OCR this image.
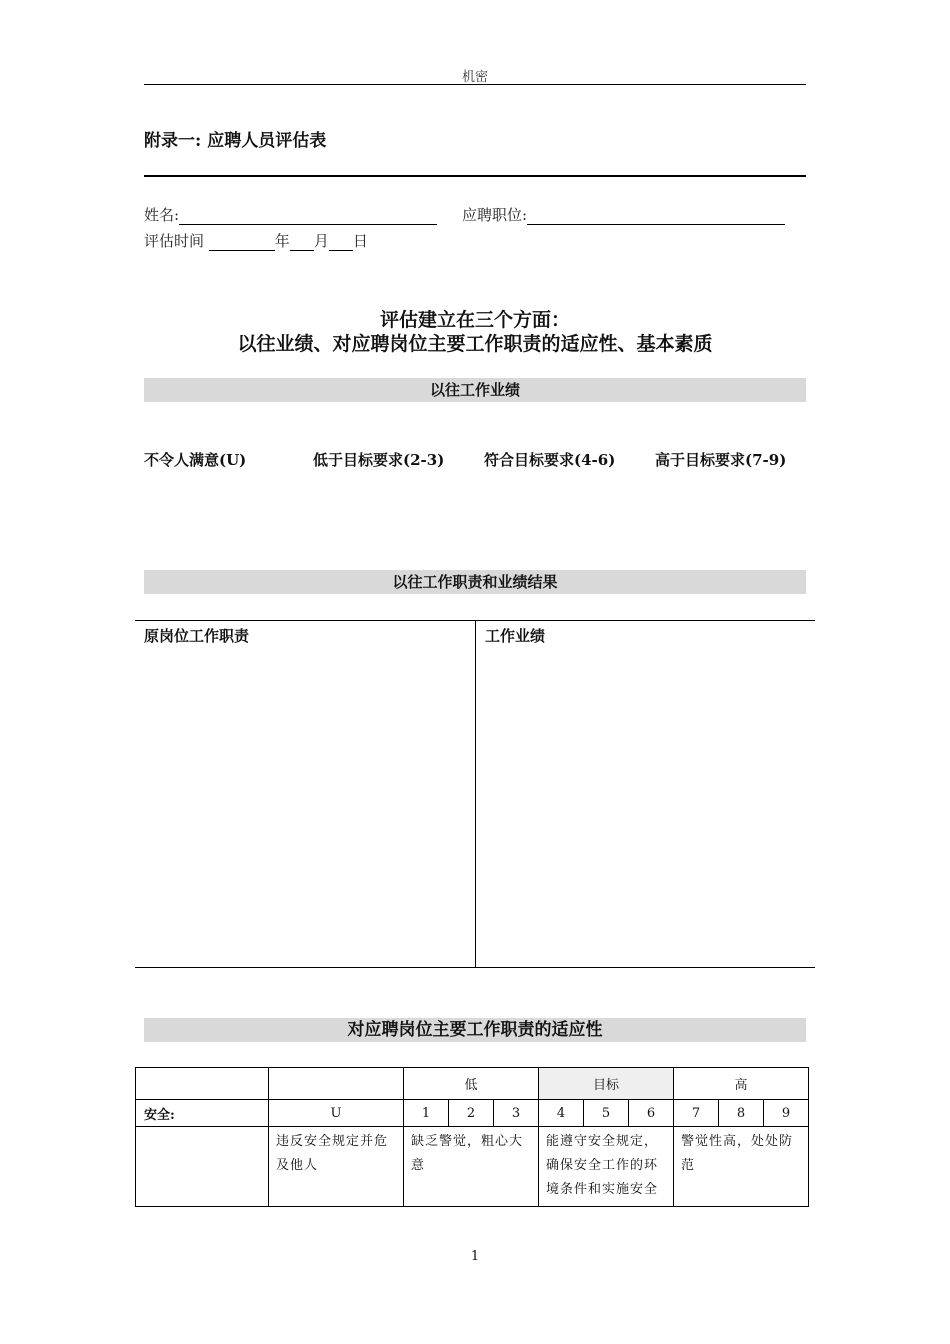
机密
附录一: 应聘人员评估表
姓名:	应聘职位:
评估时间	年 月 日
评估建立在三个方面：
以往业绩、对应聘岗位主要工作职责的适应性、基本素质
以往工作业绩
不令人满意(U)	低于目标要求(2-3)	符合目标要求(4-6)	高于目标要求(7-9)
以往工作职责和业绩结果
原岗位工作职责	工作业绩
对应聘岗位主要工作职责的适应性
		低			目标			高		
安全:	U	1	2	3	4	5	6	7	8	9
	违反安全规定并危及他人	缺乏警觉，粗心大意			能遵守安全规定，确保安全工作的环境条件和实施安全			警觉性高，处处防范		
1
